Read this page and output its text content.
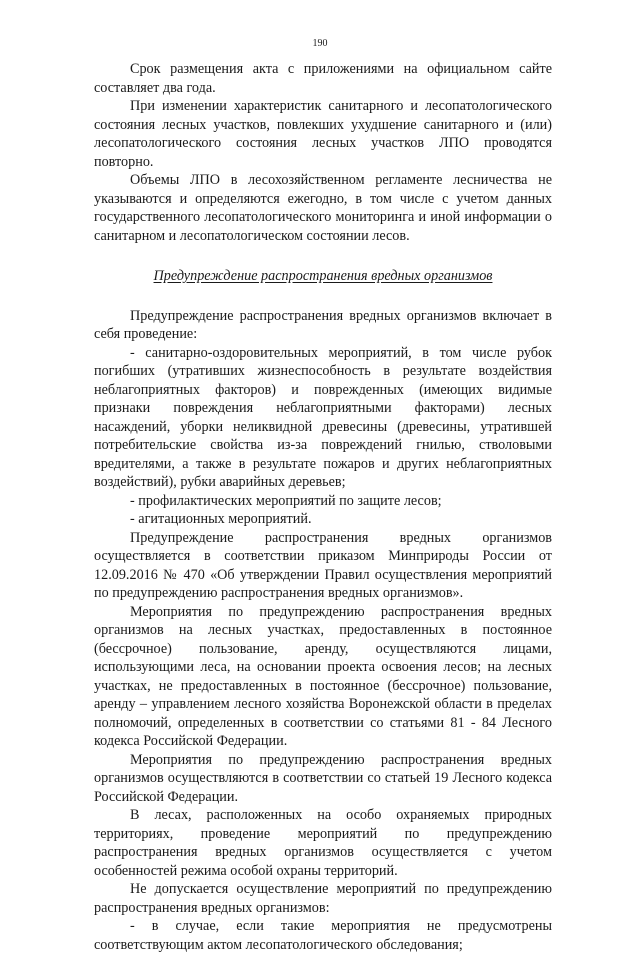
190

Срок размещения акта с приложениями на официальном сайте составляет два года.

При изменении характеристик санитарного и лесопатологического состояния лесных участков, повлекших ухудшение санитарного и (или) лесопатологического состояния лесных участков ЛПО проводятся повторно.

Объемы ЛПО в лесохозяйственном регламенте лесничества не указываются и определяются ежегодно, в том числе с учетом данных государственного лесопатологического мониторинга и иной информации о санитарном и лесопатологическом состоянии лесов.

Предупреждение распространения вредных организмов

Предупреждение распространения вредных организмов включает в себя проведение:

- санитарно-оздоровительных мероприятий, в том числе рубок погибших (утративших жизнеспособность в результате воздействия неблагоприятных факторов) и поврежденных (имеющих видимые признаки повреждения неблагоприятными факторами) лесных насаждений, уборки неликвидной древесины (древесины, утратившей потребительские свойства из-за повреждений гнилью, стволовыми вредителями, а также в результате пожаров и других неблагоприятных воздействий), рубки аварийных деревьев;

- профилактических мероприятий по защите лесов;

- агитационных мероприятий.

Предупреждение распространения вредных организмов осуществляется в соответствии приказом Минприроды России от 12.09.2016 № 470 «Об утверждении Правил осуществления мероприятий по предупреждению распространения вредных организмов».

Мероприятия по предупреждению распространения вредных организмов на лесных участках, предоставленных в постоянное (бессрочное) пользование, аренду, осуществляются лицами, использующими леса, на основании проекта освоения лесов; на лесных участках, не предоставленных в постоянное (бессрочное) пользование, аренду – управлением лесного хозяйства Воронежской области в пределах полномочий, определенных в соответствии со статьями 81 - 84 Лесного кодекса Российской Федерации.

Мероприятия по предупреждению распространения вредных организмов осуществляются в соответствии со статьей 19 Лесного кодекса Российской Федерации.

В лесах, расположенных на особо охраняемых природных территориях, проведение мероприятий по предупреждению распространения вредных организмов осуществляется с учетом особенностей режима особой охраны территорий.

Не допускается осуществление мероприятий по предупреждению распространения вредных организмов:

- в случае, если такие мероприятия не предусмотрены соответствующим актом лесопатологического обследования;
